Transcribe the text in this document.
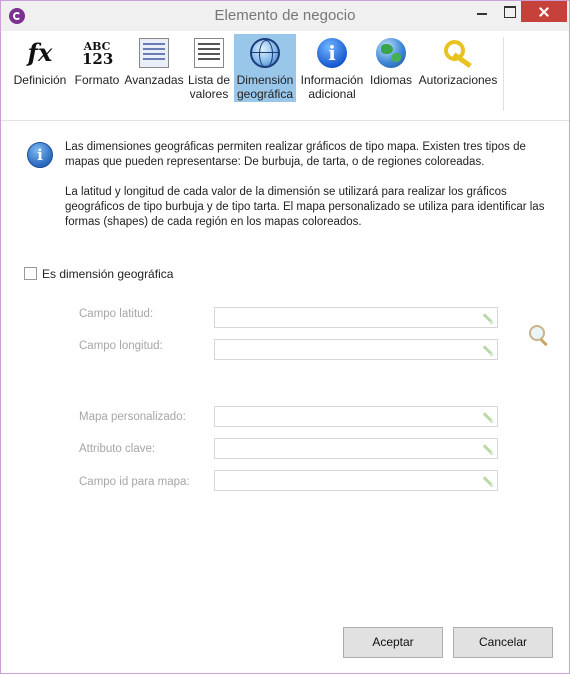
Elemento de negocio
fx
Definición
ABC
123
Formato Avanzadas Lista de valores
Dimensión geográfica
i
Información adicional
Idiomas Autorizaciones
i	Las dimensiones geográficas permiten realizar gráficos de tipo mapa. Existen tres tipos de mapas que pueden representarse: De burbuja, de tarta, o de regiones coloreadas.

La latitud y longitud de cada valor de la dimensión se utilizará para realizar los gráficos geográficos de tipo burbuja y de tipo tarta. El mapa personalizado se utiliza para identificar las formas (shapes) de cada región en los mapas coloreados.

Es dimensión geográfica
Campo latitud:
Campo longitud:
Mapa personalizado:
Attributo clave:
Campo id para mapa:
Aceptar	Cancelar
